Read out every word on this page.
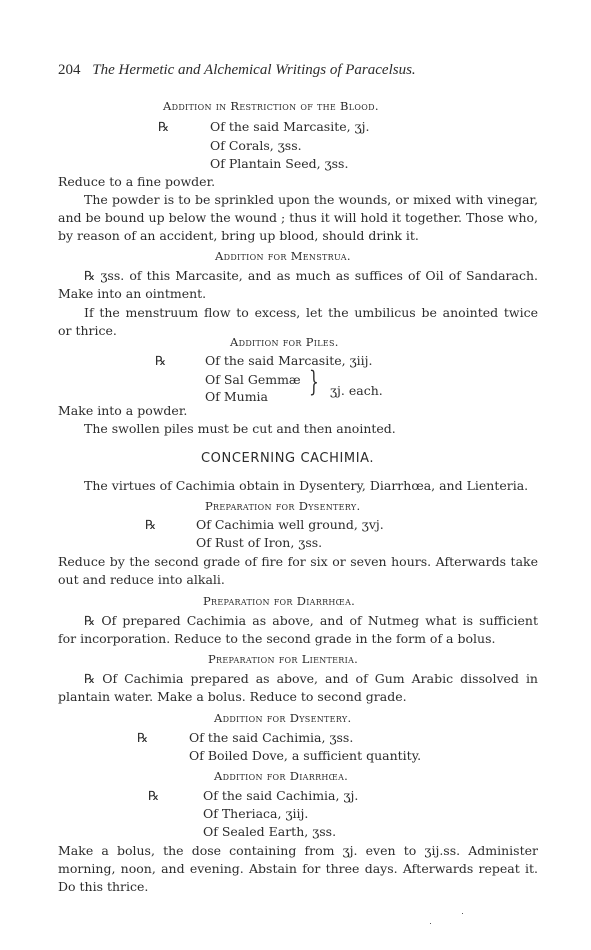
204 The Hermetic and Alchemical Writings of Paracelsus.
Addition in Restriction of the Blood.
℞	Of the said Marcasite, ʒj.
Of Corals, ʒss.
Of Plantain Seed, ʒss.
Reduce to a fine powder.
The powder is to be sprinkled upon the wounds, or mixed with vinegar,
and be bound up below the wound ; thus it will hold it together. Those who,
by reason of an accident, bring up blood, should drink it.
Addition for Menstrua.
℞ ʒss. of this Marcasite, and as much as suffices of Oil of Sandarach.
Make into an ointment.
If the menstruum flow to excess, let the umbilicus be anointed twice
or thrice.
Addition for Piles.
℞	Of the said Marcasite, ʒiij.
Of Sal Gemmæ
Of Mumia } ʒj. each.
Make into a powder.
The swollen piles must be cut and then anointed.
CONCERNING CACHIMIA.
The virtues of Cachimia obtain in Dysentery, Diarrhœa, and Lienteria.
Preparation for Dysentery.
℞	Of Cachimia well ground, ʒvj.
Of Rust of Iron, ʒss.
Reduce by the second grade of fire for six or seven hours. Afterwards take
out and reduce into alkali.
Preparation for Diarrhœa.
℞ Of prepared Cachimia as above, and of Nutmeg what is sufficient
for incorporation. Reduce to the second grade in the form of a bolus.
Preparation for Lienteria.
℞ Of Cachimia prepared as above, and of Gum Arabic dissolved in
plantain water. Make a bolus. Reduce to second grade.
Addition for Dysentery.
℞	Of the said Cachimia, ʒss.
Of Boiled Dove, a sufficient quantity.
Addition for Diarrhœa.
℞	Of the said Cachimia, ʒj.
Of Theriaca, ʒiij.
Of Sealed Earth, ʒss.
Make a bolus, the dose containing from ʒj. even to ʒij.ss. Administer
morning, noon, and evening. Abstain for three days. Afterwards repeat it.
Do this thrice.
